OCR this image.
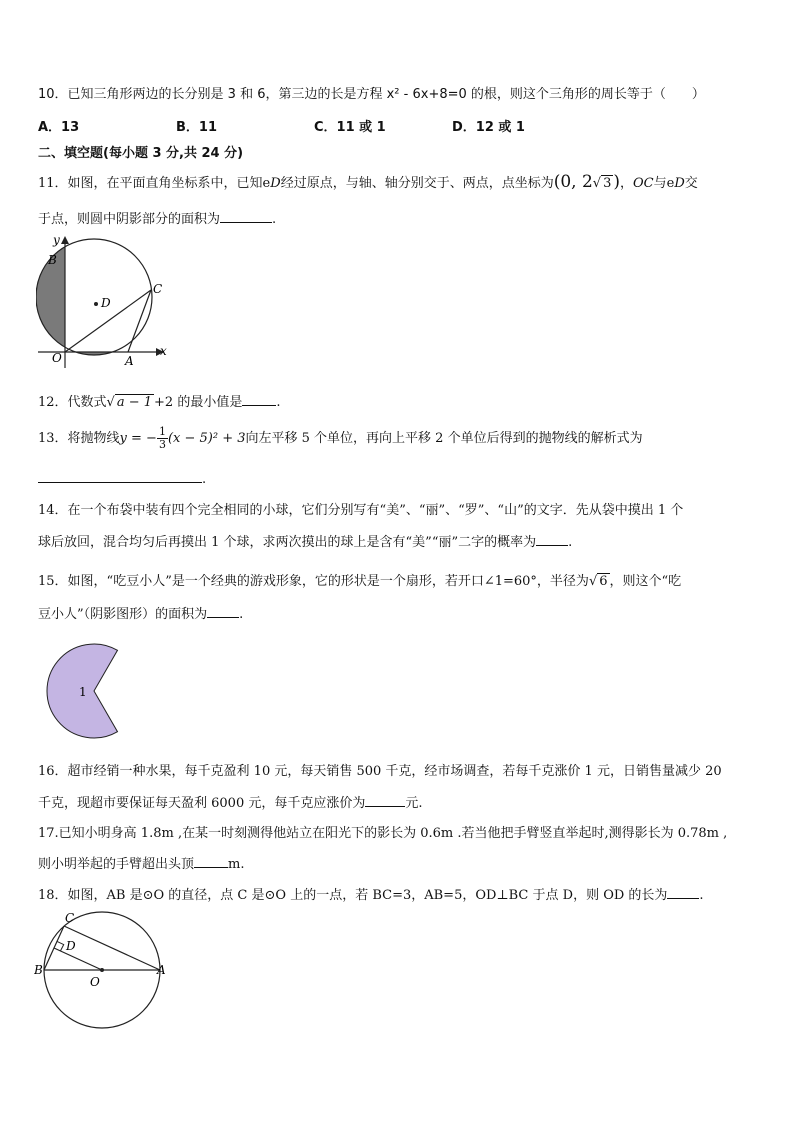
10．已知三角形两边的长分别是 3 和 6，第三边的长是方程 x² - 6x+8=0 的根，则这个三角形的周长等于（　　）
A．13	B．11	C．11 或 1	D．12 或 1
二、填空题(每小题 3 分,共 24 分)
11．如图，在平面直角坐标系中，已知eD经过原点，与轴、轴分别交于、两点，点坐标为(0, 2√ 3 )，OC与eD交
于点，则圆中阴影部分的面积为	.
y
x
B
C
D
O	A
12．代数式√ a − 1 +2 的最小值是	.
13．将抛物线y = − $\frac{1}{3} (x - 5)^2 + 3$向左平移 5 个单位，再向上平移 2 个单位后得到的抛物线的解析式为
.
14．在一个布袋中装有四个完全相同的小球，它们分别写有“美”、“丽”、“罗”、“山”的文字．先从袋中摸出 1 个
球后放回，混合均匀后再摸出 1 个球，求两次摸出的球上是含有“美”“丽”二字的概率为 .
15．如图，“吃豆小人”是一个经典的游戏形象，它的形状是一个扇形，若开口∠1=60°，半径为√ 6 ，则这个“吃
豆小人”（阴影图形）的面积为 .
1
16．超市经销一种水果，每千克盈利 10 元，每天销售 500 千克，经市场调查，若每千克涨价 1 元，日销售量减少 20
千克，现超市要保证每天盈利 6000 元，每千克应涨价为	元.
17.已知小明身高 1.8m ,在某一时刻测得他站立在阳光下的影长为 0.6m .若当他把手臂竖直举起时,测得影长为 0.78m ,
则小明举起的手臂超出头顶	m.
18．如图，AB 是⊙O 的直径，点 C 是⊙O 上的一点，若 BC=3，AB=5，OD⊥BC 于点 D，则 OD 的长为 .
C
D
B
O
A
